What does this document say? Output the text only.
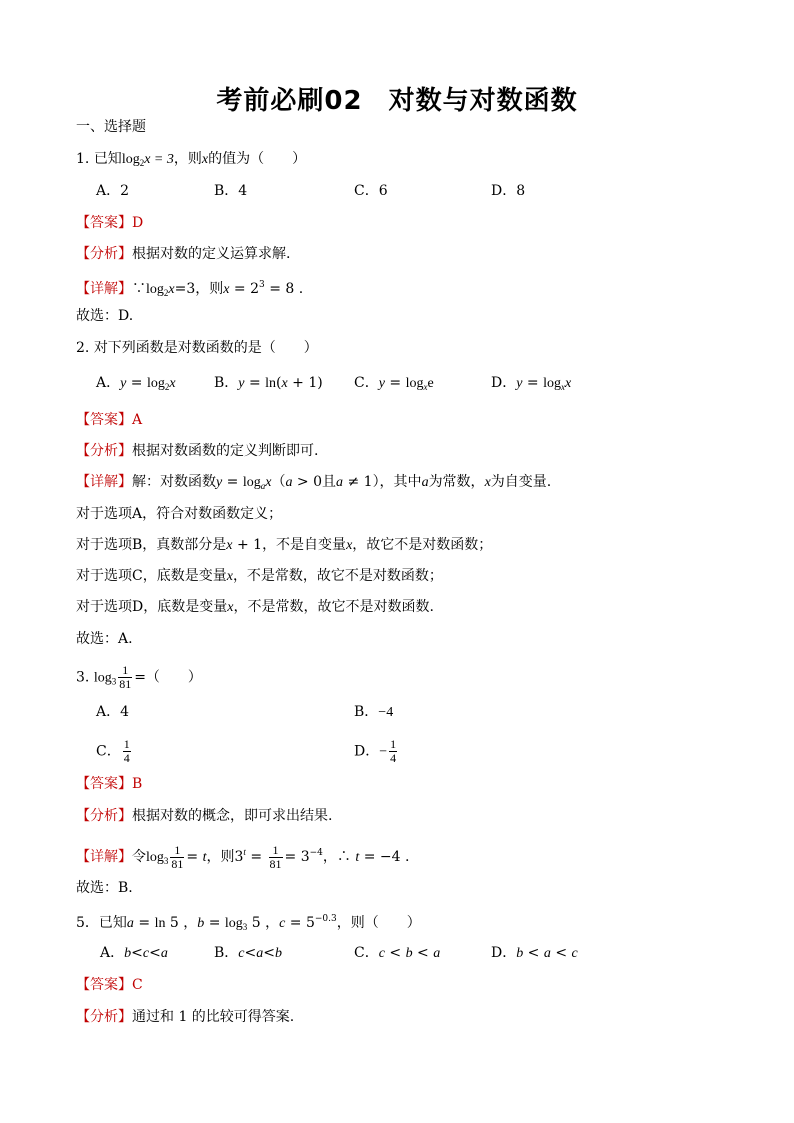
考前必刷02 对数与对数函数
一、选择题
1. 已知$\log_2x = 3$，则x的值为（　　）
A．2	B．4	C．6	D．8
【答案】D
【分析】根据对数的定义运算求解.
【详解】$\because\log_2x=3$，则$x = 2^3 = 8$ .
故选：D.
2. 对下列函数是对数函数的是（　　）
A．$y = \log_2x$	B．y = ln(x + 1) C．$y = \log_xe$	D．$y = \log_xx$
【答案】A
【分析】根据对数函数的定义判断即可.
【详解】解：对数函数$y = \log_ax(a > 0$且a ≠ 1），其中a为常数，x为自变量.
对于选项A，符合对数函数定义；
对于选项B，真数部分是x + 1，不是自变量x，故它不是对数函数；
对于选项C，底数是变量x，不是常数，故它不是对数函数；
对于选项D，底数是变量x，不是常数，故它不是对数函数.
故选：A.
3. $\log_3 \frac{1}{81}$ =（　　）
A．4	B．−4
C． $\frac{1}{4}$	D．− $\frac{1}{4}$
【答案】B
【分析】根据对数的概念，即可求出结果.
【详解】令$\log_3 \frac{1}{81} = t$，则$3^t = \frac{1}{81} = 3^{-4}$，∴ t = −4 .
故选：B.
5．已知a = ln 5 ，$b = \log_3 5$ ，$c = 5^{-0.3}$，则（　　）
A．b<c<a	B．c<a<b	C．c < b < a	D．b < a < c
【答案】C
【分析】通过和 1 的比较可得答案.
